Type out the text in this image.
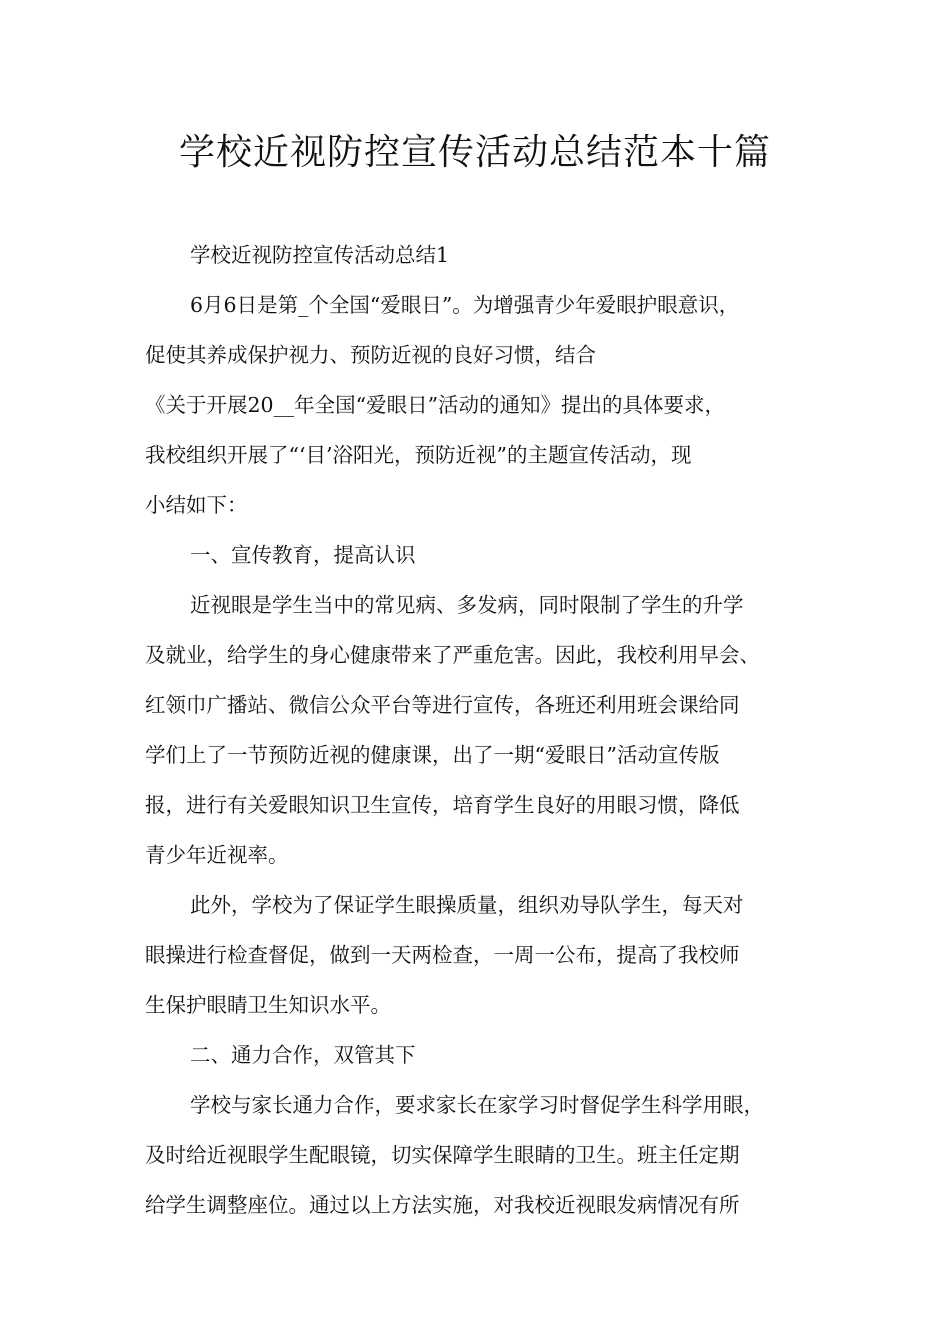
学校近视防控宣传活动总结范本十篇
学校近视防控宣传活动总结1
6月6日是第_个全国“爱眼日”。为增强青少年爱眼护眼意识，
促使其养成保护视力、预防近视的良好习惯，结合
《关于开展20__年全国“爱眼日”活动的通知》提出的具体要求，
我校组织开展了“‘目’浴阳光，预防近视”的主题宣传活动，现
小结如下：
一、宣传教育，提高认识
近视眼是学生当中的常见病、多发病，同时限制了学生的升学
及就业，给学生的身心健康带来了严重危害。因此，我校利用早会、
红领巾广播站、微信公众平台等进行宣传，各班还利用班会课给同
学们上了一节预防近视的健康课，出了一期“爱眼日”活动宣传版
报，进行有关爱眼知识卫生宣传，培育学生良好的用眼习惯，降低
青少年近视率。
此外，学校为了保证学生眼操质量，组织劝导队学生，每天对
眼操进行检查督促，做到一天两检查，一周一公布，提高了我校师
生保护眼睛卫生知识水平。
二、通力合作，双管其下
学校与家长通力合作，要求家长在家学习时督促学生科学用眼，
及时给近视眼学生配眼镜，切实保障学生眼睛的卫生。班主任定期
给学生调整座位。通过以上方法实施，对我校近视眼发病情况有所
